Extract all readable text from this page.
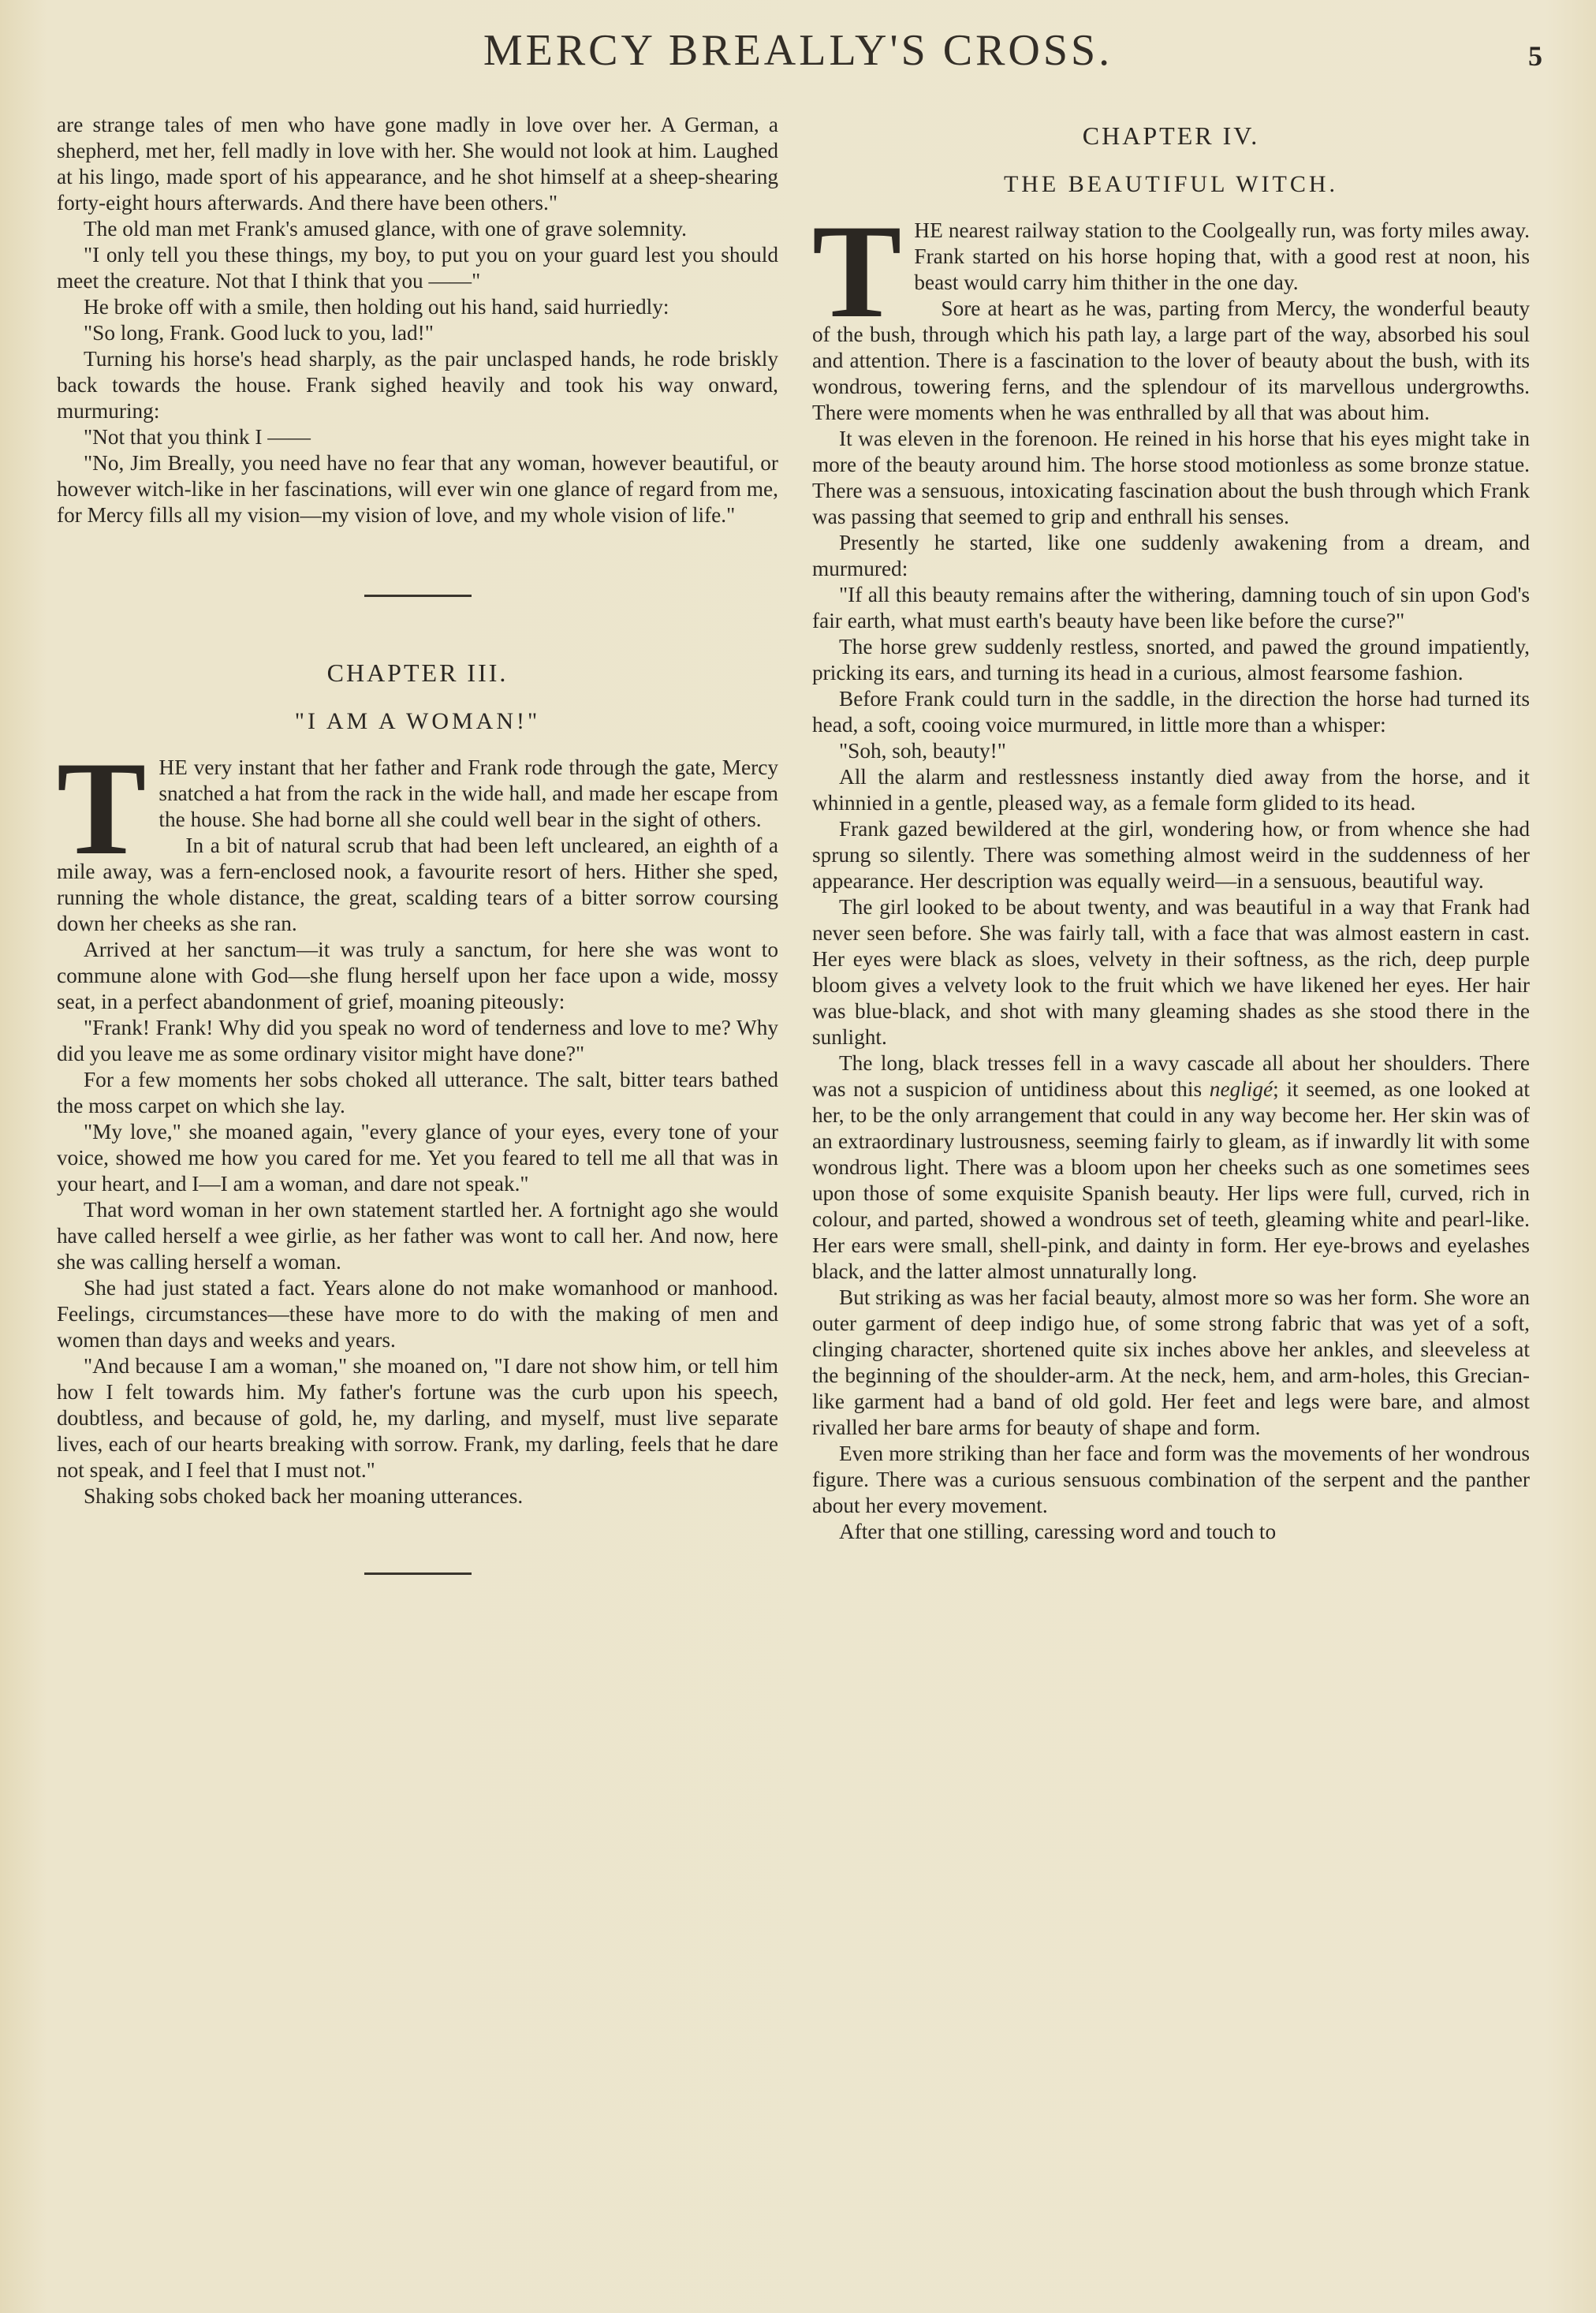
MERCY BREALLY'S CROSS.	5

are strange tales of men who have gone madly in love over her. A German, a shepherd, met her, fell madly in love with her. She would not look at him. Laughed at his lingo, made sport of his appearance, and he shot himself at a sheep-shearing forty-eight hours afterwards. And there have been others."

The old man met Frank's amused glance, with one of grave solemnity.

"I only tell you these things, my boy, to put you on your guard lest you should meet the creature. Not that I think that you ——"

He broke off with a smile, then holding out his hand, said hurriedly:

"So long, Frank. Good luck to you, lad!"

Turning his horse's head sharply, as the pair unclasped hands, he rode briskly back towards the house. Frank sighed heavily and took his way onward, murmuring:

"Not that you think I ——

"No, Jim Breally, you need have no fear that any woman, however beautiful, or however witch-like in her fascinations, will ever win one glance of regard from me, for Mercy fills all my vision—my vision of love, and my whole vision of life."

CHAPTER III.
"I AM A WOMAN!"

THE very instant that her father and Frank rode through the gate, Mercy snatched a hat from the rack in the wide hall, and made her escape from the house. She had borne all she could well bear in the sight of others.

In a bit of natural scrub that had been left uncleared, an eighth of a mile away, was a fern-enclosed nook, a favourite resort of hers. Hither she sped, running the whole distance, the great, scalding tears of a bitter sorrow coursing down her cheeks as she ran.

Arrived at her sanctum—it was truly a sanctum, for here she was wont to commune alone with God—she flung herself upon her face upon a wide, mossy seat, in a perfect abandonment of grief, moaning piteously:

"Frank! Frank! Why did you speak no word of tenderness and love to me? Why did you leave me as some ordinary visitor might have done?"

For a few moments her sobs choked all utterance. The salt, bitter tears bathed the moss carpet on which she lay.

"My love," she moaned again, "every glance of your eyes, every tone of your voice, showed me how you cared for me. Yet you feared to tell me all that was in your heart, and I—I am a woman, and dare not speak."

That word woman in her own statement startled her. A fortnight ago she would have called herself a wee girlie, as her father was wont to call her. And now, here she was calling herself a woman.

She had just stated a fact. Years alone do not make womanhood or manhood. Feelings, circumstances—these have more to do with the making of men and women than days and weeks and years.

"And because I am a woman," she moaned on, "I dare not show him, or tell him how I felt towards him. My father's fortune was the curb upon his speech, doubtless, and because of gold, he, my darling, and myself, must live separate lives, each of our hearts breaking with sorrow. Frank, my darling, feels that he dare not speak, and I feel that I must not."

Shaking sobs choked back her moaning utterances.

CHAPTER IV.
THE BEAUTIFUL WITCH.

THE nearest railway station to the Coolgeally run, was forty miles away. Frank started on his horse hoping that, with a good rest at noon, his beast would carry him thither in the one day.

Sore at heart as he was, parting from Mercy, the wonderful beauty of the bush, through which his path lay, a large part of the way, absorbed his soul and attention. There is a fascination to the lover of beauty about the bush, with its wondrous, towering ferns, and the splendour of its marvellous undergrowths. There were moments when he was enthralled by all that was about him.

It was eleven in the forenoon. He reined in his horse that his eyes might take in more of the beauty around him. The horse stood motionless as some bronze statue. There was a sensuous, intoxicating fascination about the bush through which Frank was passing that seemed to grip and enthrall his senses.

Presently he started, like one suddenly awakening from a dream, and murmured:

"If all this beauty remains after the withering, damning touch of sin upon God's fair earth, what must earth's beauty have been like before the curse?"

The horse grew suddenly restless, snorted, and pawed the ground impatiently, pricking its ears, and turning its head in a curious, almost fearsome fashion.

Before Frank could turn in the saddle, in the direction the horse had turned its head, a soft, cooing voice murmured, in little more than a whisper:

"Soh, soh, beauty!"

All the alarm and restlessness instantly died away from the horse, and it whinnied in a gentle, pleased way, as a female form glided to its head.

Frank gazed bewildered at the girl, wondering how, or from whence she had sprung so silently. There was something almost weird in the suddenness of her appearance. Her description was equally weird—in a sensuous, beautiful way.

The girl looked to be about twenty, and was beautiful in a way that Frank had never seen before. She was fairly tall, with a face that was almost eastern in cast. Her eyes were black as sloes, velvety in their softness, as the rich, deep purple bloom gives a velvety look to the fruit which we have likened her eyes. Her hair was blue-black, and shot with many gleaming shades as she stood there in the sunlight.

The long, black tresses fell in a wavy cascade all about her shoulders. There was not a suspicion of untidiness about this negligé; it seemed, as one looked at her, to be the only arrangement that could in any way become her. Her skin was of an extraordinary lustrousness, seeming fairly to gleam, as if inwardly lit with some wondrous light. There was a bloom upon her cheeks such as one sometimes sees upon those of some exquisite Spanish beauty. Her lips were full, curved, rich in colour, and parted, showed a wondrous set of teeth, gleaming white and pearl-like. Her ears were small, shell-pink, and dainty in form. Her eye-brows and eyelashes black, and the latter almost unnaturally long.

But striking as was her facial beauty, almost more so was her form. She wore an outer garment of deep indigo hue, of some strong fabric that was yet of a soft, clinging character, shortened quite six inches above her ankles, and sleeveless at the beginning of the shoulder-arm. At the neck, hem, and arm-holes, this Grecian-like garment had a band of old gold. Her feet and legs were bare, and almost rivalled her bare arms for beauty of shape and form.

Even more striking than her face and form was the movements of her wondrous figure. There was a curious sensuous combination of the serpent and the panther about her every movement.

After that one stilling, caressing word and touch to
